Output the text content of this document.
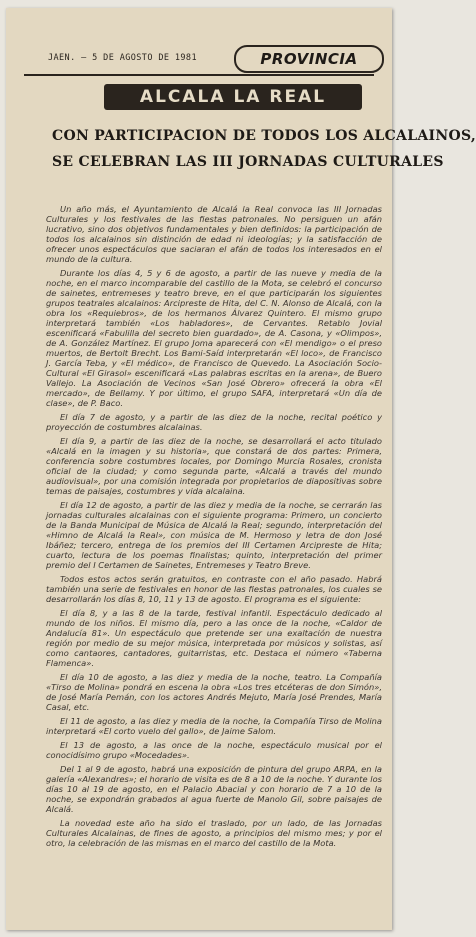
JAEN. — 5 DE AGOSTO DE 1981	PROVINCIA
ALCALA LA REAL
CON PARTICIPACION DE TODOS LOS ALCALAINOS,
SE CELEBRAN LAS III JORNADAS CULTURALES

Un año más, el Ayuntamiento de Alcalá la Real convoca las III Jornadas Culturales y los festivales de las fiestas patronales. No persiguen un afán lucrativo, sino dos objetivos fundamentales y bien definidos: la participación de todos los alcalainos sin distinción de edad ni ideologías; y la satisfacción de ofrecer unos espectáculos que saciaran el afán de todos los interesados en el mundo de la cultura.

Durante los días 4, 5 y 6 de agosto, a partir de las nueve y media de la noche, en el marco incomparable del castillo de la Mota, se celebró el concurso de sainetes, entremeses y teatro breve, en el que participarán los siguientes grupos teatrales alcalainos: Arcipreste de Hita, del C. N. Alonso de Alcalá, con la obra los «Requiebros», de los hermanos Álvarez Quintero. El mismo grupo interpretará también «Los habladores», de Cervantes. Retablo Jovial escenificará «Fabulilla del secreto bien guardado», de A. Casona, y «Olimpos», de A. González Martínez. El grupo Joma aparecerá con «El mendigo» o el preso muertos, de Bertolt Brecht. Los Bami-Saíd interpretarán «El loco», de Francisco J. García Teba, y «El médico», de Francisco de Quevedo. La Asociación Socio-Cultural «El Girasol» escenificará «Las palabras escritas en la arena», de Buero Vallejo. La Asociación de Vecinos «San José Obrero» ofrecerá la obra «El mercado», de Bellamy. Y por último, el grupo SAFA, interpretará «Un día de clase», de P. Baco.

El día 7 de agosto, y a partir de las diez de la noche, recital poético y proyección de costumbres alcalainas.

El día 9, a partir de las diez de la noche, se desarrollará el acto titulado «Alcalá en la imagen y su historia», que constará de dos partes: Primera, conferencia sobre costumbres locales, por Domingo Murcia Rosales, cronista oficial de la ciudad; y como segunda parte, «Alcalá a través del mundo audiovisual», por una comisión integrada por propietarios de diapositivas sobre temas de paisajes, costumbres y vida alcalaina.

El día 12 de agosto, a partir de las diez y media de la noche, se cerrarán las jornadas culturales alcalainas con el siguiente programa: Primero, un concierto de la Banda Municipal de Música de Alcalá la Real; segundo, interpretación del «Himno de Alcalá la Real», con música de M. Hermoso y letra de don José Ibáñez; tercero, entrega de los premios del III Certamen Arcipreste de Hita; cuarto, lectura de los poemas finalistas; quinto, interpretación del primer premio del I Certamen de Sainetes, Entremeses y Teatro Breve.

Todos estos actos serán gratuitos, en contraste con el año pasado. Habrá también una serie de festivales en honor de las fiestas patronales, los cuales se desarrollarán los días 8, 10, 11 y 13 de agosto. El programa es el siguiente:

El día 8, y a las 8 de la tarde, festival infantil. Espectáculo dedicado al mundo de los niños. El mismo día, pero a las once de la noche, «Caldor de Andalucía 81». Un espectáculo que pretende ser una exaltación de nuestra región por medio de su mejor música, interpretada por músicos y solistas, así como cantaores, cantadores, guitarristas, etc. Destaca el número «Taberna Flamenca».

El día 10 de agosto, a las diez y media de la noche, teatro. La Compañía «Tirso de Molina» pondrá en escena la obra «Los tres etcéteras de don Simón», de José María Pemán, con los actores Andrés Mejuto, María José Prendes, María Casal, etc.

El 11 de agosto, a las diez y media de la noche, la Compañía Tirso de Molina interpretará «El corto vuelo del gallo», de Jaime Salom.

El 13 de agosto, a las once de la noche, espectáculo musical por el conocidísimo grupo «Mocedades».

Del 1 al 9 de agosto, habrá una exposición de pintura del grupo ARPA, en la galería «Alexandres»; el horario de visita es de 8 a 10 de la noche. Y durante los días 10 al 19 de agosto, en el Palacio Abacial y con horario de 7 a 10 de la noche, se expondrán grabados al agua fuerte de Manolo Gil, sobre paisajes de Alcalá.

La novedad este año ha sido el traslado, por un lado, de las Jornadas Culturales Alcalainas, de fines de agosto, a principios del mismo mes; y por el otro, la celebración de las mismas en el marco del castillo de la Mota.
